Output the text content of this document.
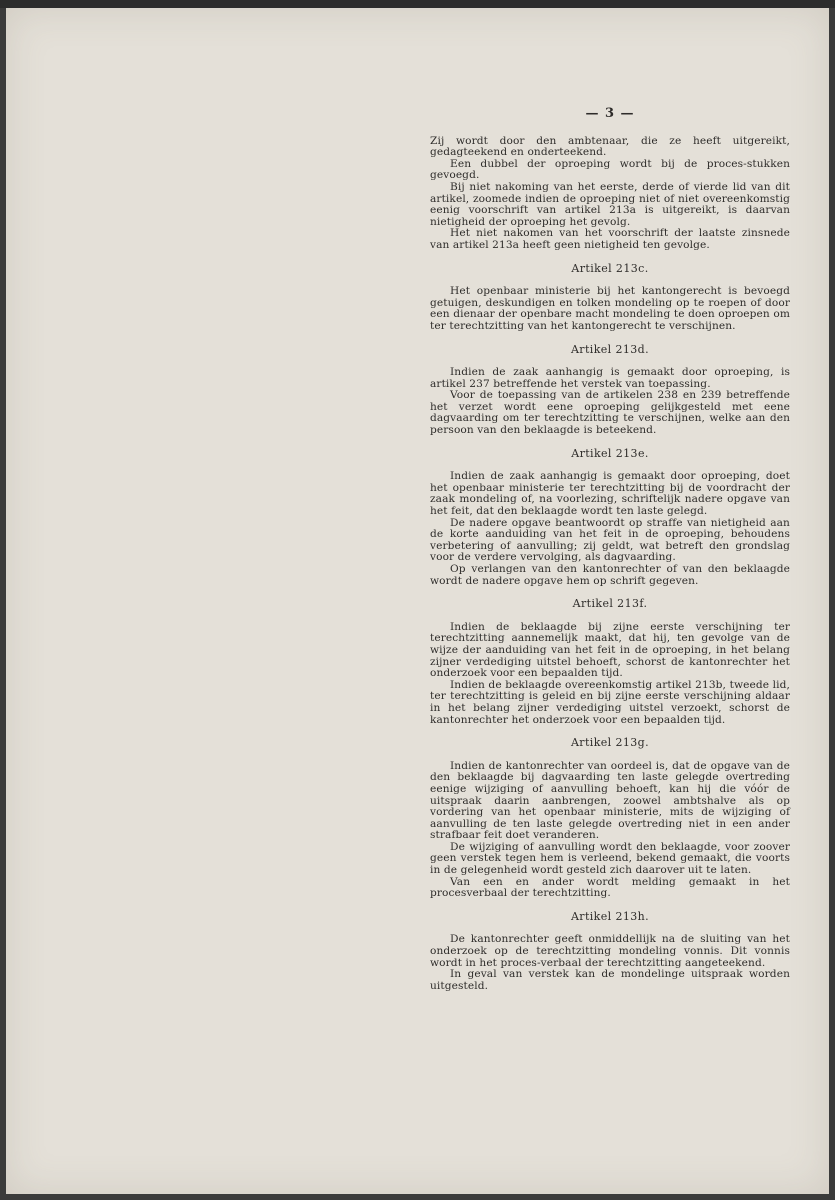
— 3 —

Zij wordt door den ambtenaar, die ze heeft uitgereikt, gedagteekend en onderteekend.

Een dubbel der oproeping wordt bij de proces-stukken gevoegd.

Bij niet nakoming van het eerste, derde of vierde lid van dit artikel, zoomede indien de oproeping niet of niet overeenkomstig eenig voorschrift van artikel 213a is uitgereikt, is daarvan nietigheid der oproeping het gevolg.

Het niet nakomen van het voorschrift der laatste zinsnede van artikel 213a heeft geen nietigheid ten gevolge.

Artikel 213c.

Het openbaar ministerie bij het kantongerecht is bevoegd getuigen, deskundigen en tolken mondeling op te roepen of door een dienaar der openbare macht mondeling te doen oproepen om ter terechtzitting van het kantongerecht te verschijnen.

Artikel 213d.

Indien de zaak aanhangig is gemaakt door oproeping, is artikel 237 betreffende het verstek van toepassing.

Voor de toepassing van de artikelen 238 en 239 betreffende het verzet wordt eene oproeping gelijkgesteld met eene dagvaarding om ter terechtzitting te verschijnen, welke aan den persoon van den beklaagde is beteekend.

Artikel 213e.

Indien de zaak aanhangig is gemaakt door oproeping, doet het openbaar ministerie ter terechtzitting bij de voordracht der zaak mondeling of, na voorlezing, schriftelijk nadere opgave van het feit, dat den beklaagde wordt ten laste gelegd.

De nadere opgave beantwoordt op straffe van nietigheid aan de korte aanduiding van het feit in de oproeping, behoudens verbetering of aanvulling; zij geldt, wat betreft den grondslag voor de verdere vervolging, als dagvaarding.

Op verlangen van den kantonrechter of van den beklaagde wordt de nadere opgave hem op schrift gegeven.

Artikel 213f.

Indien de beklaagde bij zijne eerste verschijning ter terechtzitting aannemelijk maakt, dat hij, ten gevolge van de wijze der aanduiding van het feit in de oproeping, in het belang zijner verdediging uitstel behoeft, schorst de kantonrechter het onderzoek voor een bepaalden tijd.

Indien de beklaagde overeenkomstig artikel 213b, tweede lid, ter terechtzitting is geleid en bij zijne eerste verschijning aldaar in het belang zijner verdediging uitstel verzoekt, schorst de kantonrechter het onderzoek voor een bepaalden tijd.

Artikel 213g.

Indien de kantonrechter van oordeel is, dat de opgave van de den beklaagde bij dagvaarding ten laste gelegde overtreding eenige wijziging of aanvulling behoeft, kan hij die vóór de uitspraak daarin aanbrengen, zoowel ambtshalve als op vordering van het openbaar ministerie, mits de wijziging of aanvulling de ten laste gelegde overtreding niet in een ander strafbaar feit doet veranderen.

De wijziging of aanvulling wordt den beklaagde, voor zoover geen verstek tegen hem is verleend, bekend gemaakt, die voorts in de gelegenheid wordt gesteld zich daarover uit te laten.

Van een en ander wordt melding gemaakt in het procesverbaal der terechtzitting.

Artikel 213h.

De kantonrechter geeft onmiddellijk na de sluiting van het onderzoek op de terechtzitting mondeling vonnis. Dit vonnis wordt in het proces-verbaal der terechtzitting aangeteekend.

In geval van verstek kan de mondelinge uitspraak worden uitgesteld.
